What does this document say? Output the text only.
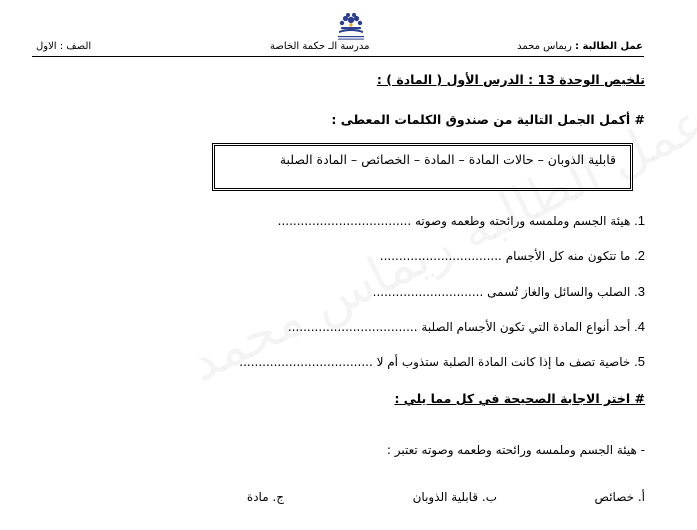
عمل الطالبة : ريماس محمد
مدرسة الـ حكمة الخاصة
الصف : الاول
تلخيص الوحدة 13 : الدرس الأول ( المادة ) :
# أكمل الجمل التالية من صندوق الكلمات المعطى :
قابلية الذوبان – حالات المادة – المادة – الخصائص – المادة الصلبة
1. هيئة الجسم وملمسه ورائحته وطعمه وصوته ...................................
2. ما تتكون منه كل الأجسام ................................
3. الصلب والسائل والغاز تُسمى .............................
4. أحد أنواع المادة التي تكون الأجسام الصلبة ..................................
5. خاصية تصف ما إذا كانت المادة الصلبة ستذوب أم لا ...................................
# اختر الاجابة الصحيحة في كل مما يلي :
- هيئة الجسم وملمسه ورائحته وطعمه وصوته تعتبر :
أ. خصائص
ب. قابلية الذوبان
ج. مادة
